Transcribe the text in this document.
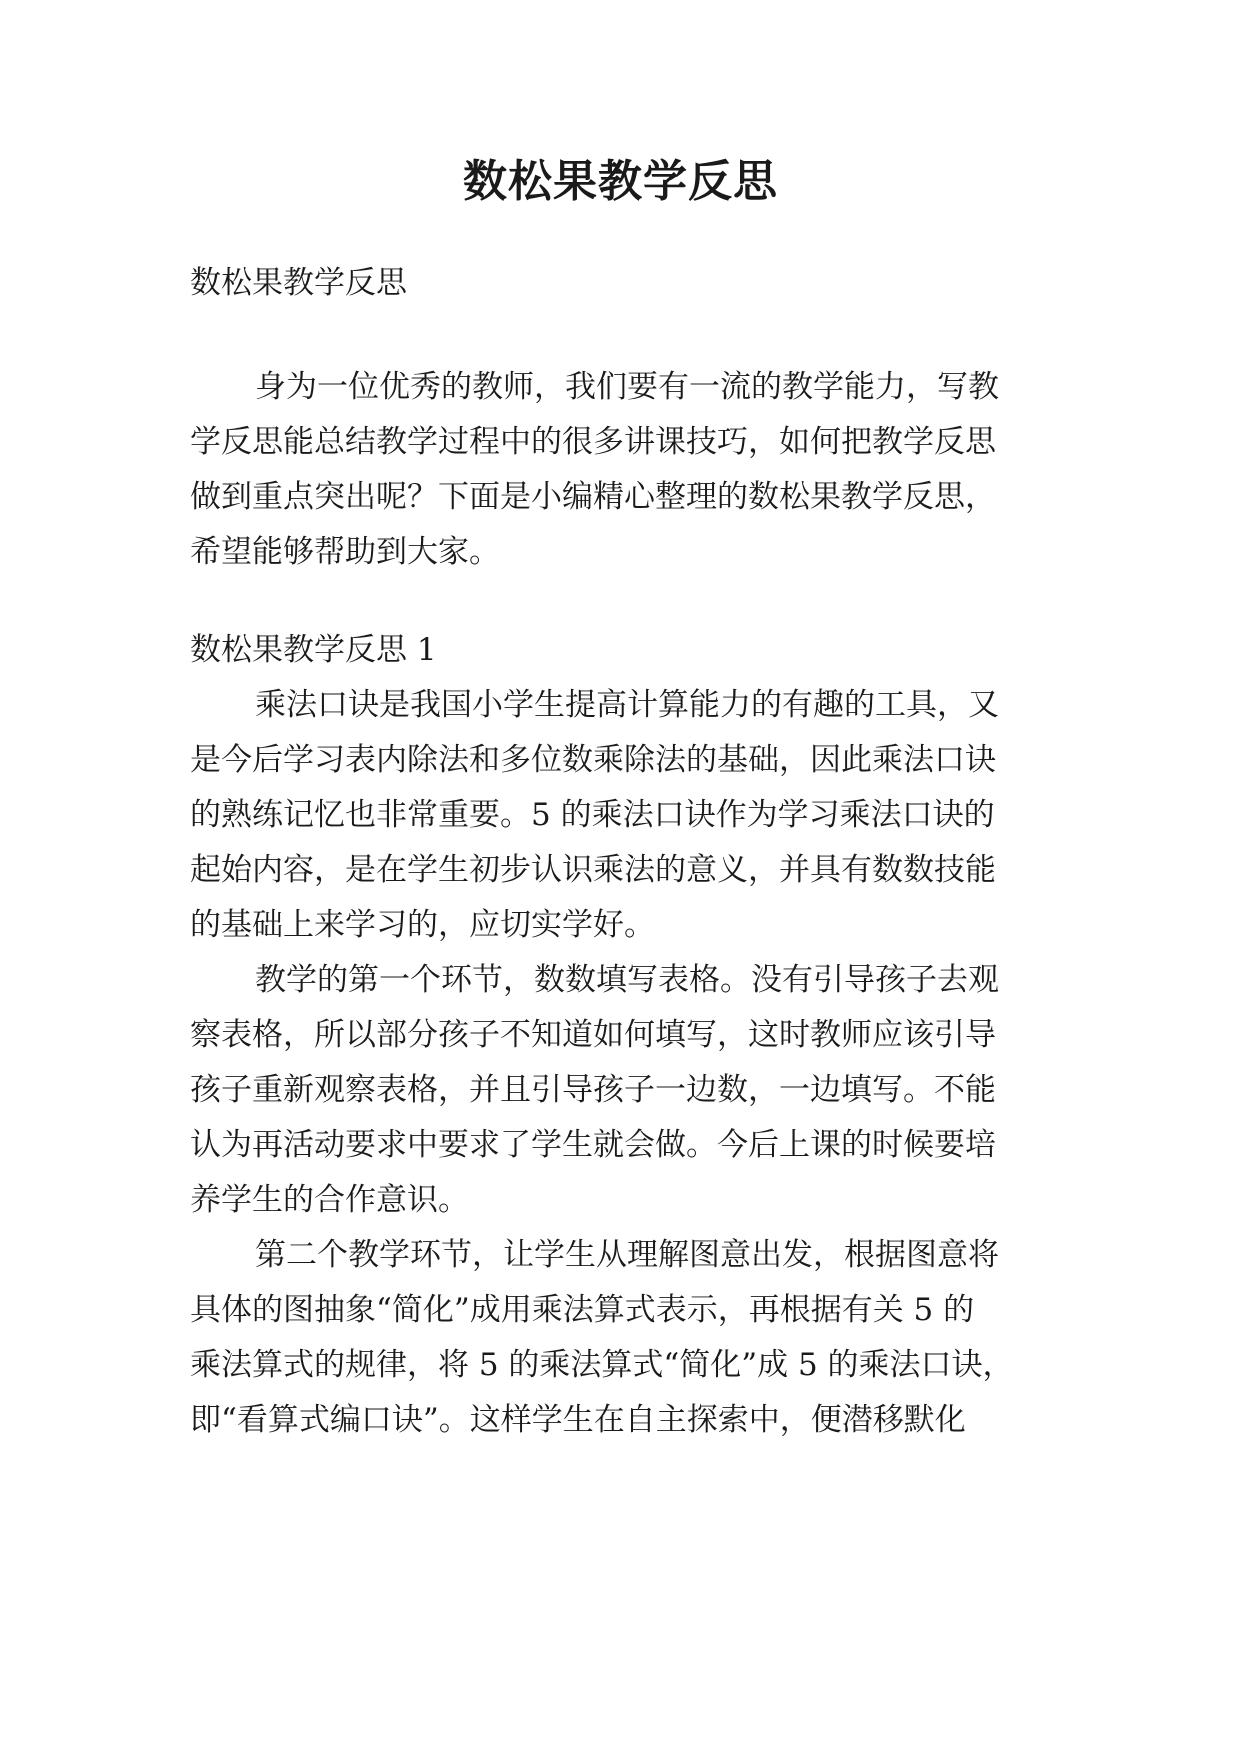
数松果教学反思

数松果教学反思

身为一位优秀的教师，我们要有一流的教学能力，写教

学反思能总结教学过程中的很多讲课技巧，如何把教学反思

做到重点突出呢？下面是小编精心整理的数松果教学反思，

希望能够帮助到大家。

数松果教学反思 1

乘法口诀是我国小学生提高计算能力的有趣的工具，又

是今后学习表内除法和多位数乘除法的基础，因此乘法口诀

的熟练记忆也非常重要。5 的乘法口诀作为学习乘法口诀的

起始内容，是在学生初步认识乘法的意义，并具有数数技能

的基础上来学习的，应切实学好。

教学的第一个环节，数数填写表格。没有引导孩子去观

察表格，所以部分孩子不知道如何填写，这时教师应该引导

孩子重新观察表格，并且引导孩子一边数，一边填写。不能

认为再活动要求中要求了学生就会做。今后上课的时候要培

养学生的合作意识。

第二个教学环节，让学生从理解图意出发，根据图意将

具体的图抽象“简化”成用乘法算式表示，再根据有关 5 的

乘法算式的规律，将 5 的乘法算式“简化”成 5 的乘法口诀，

即“看算式编口诀”。这样学生在自主探索中，便潜移默化
